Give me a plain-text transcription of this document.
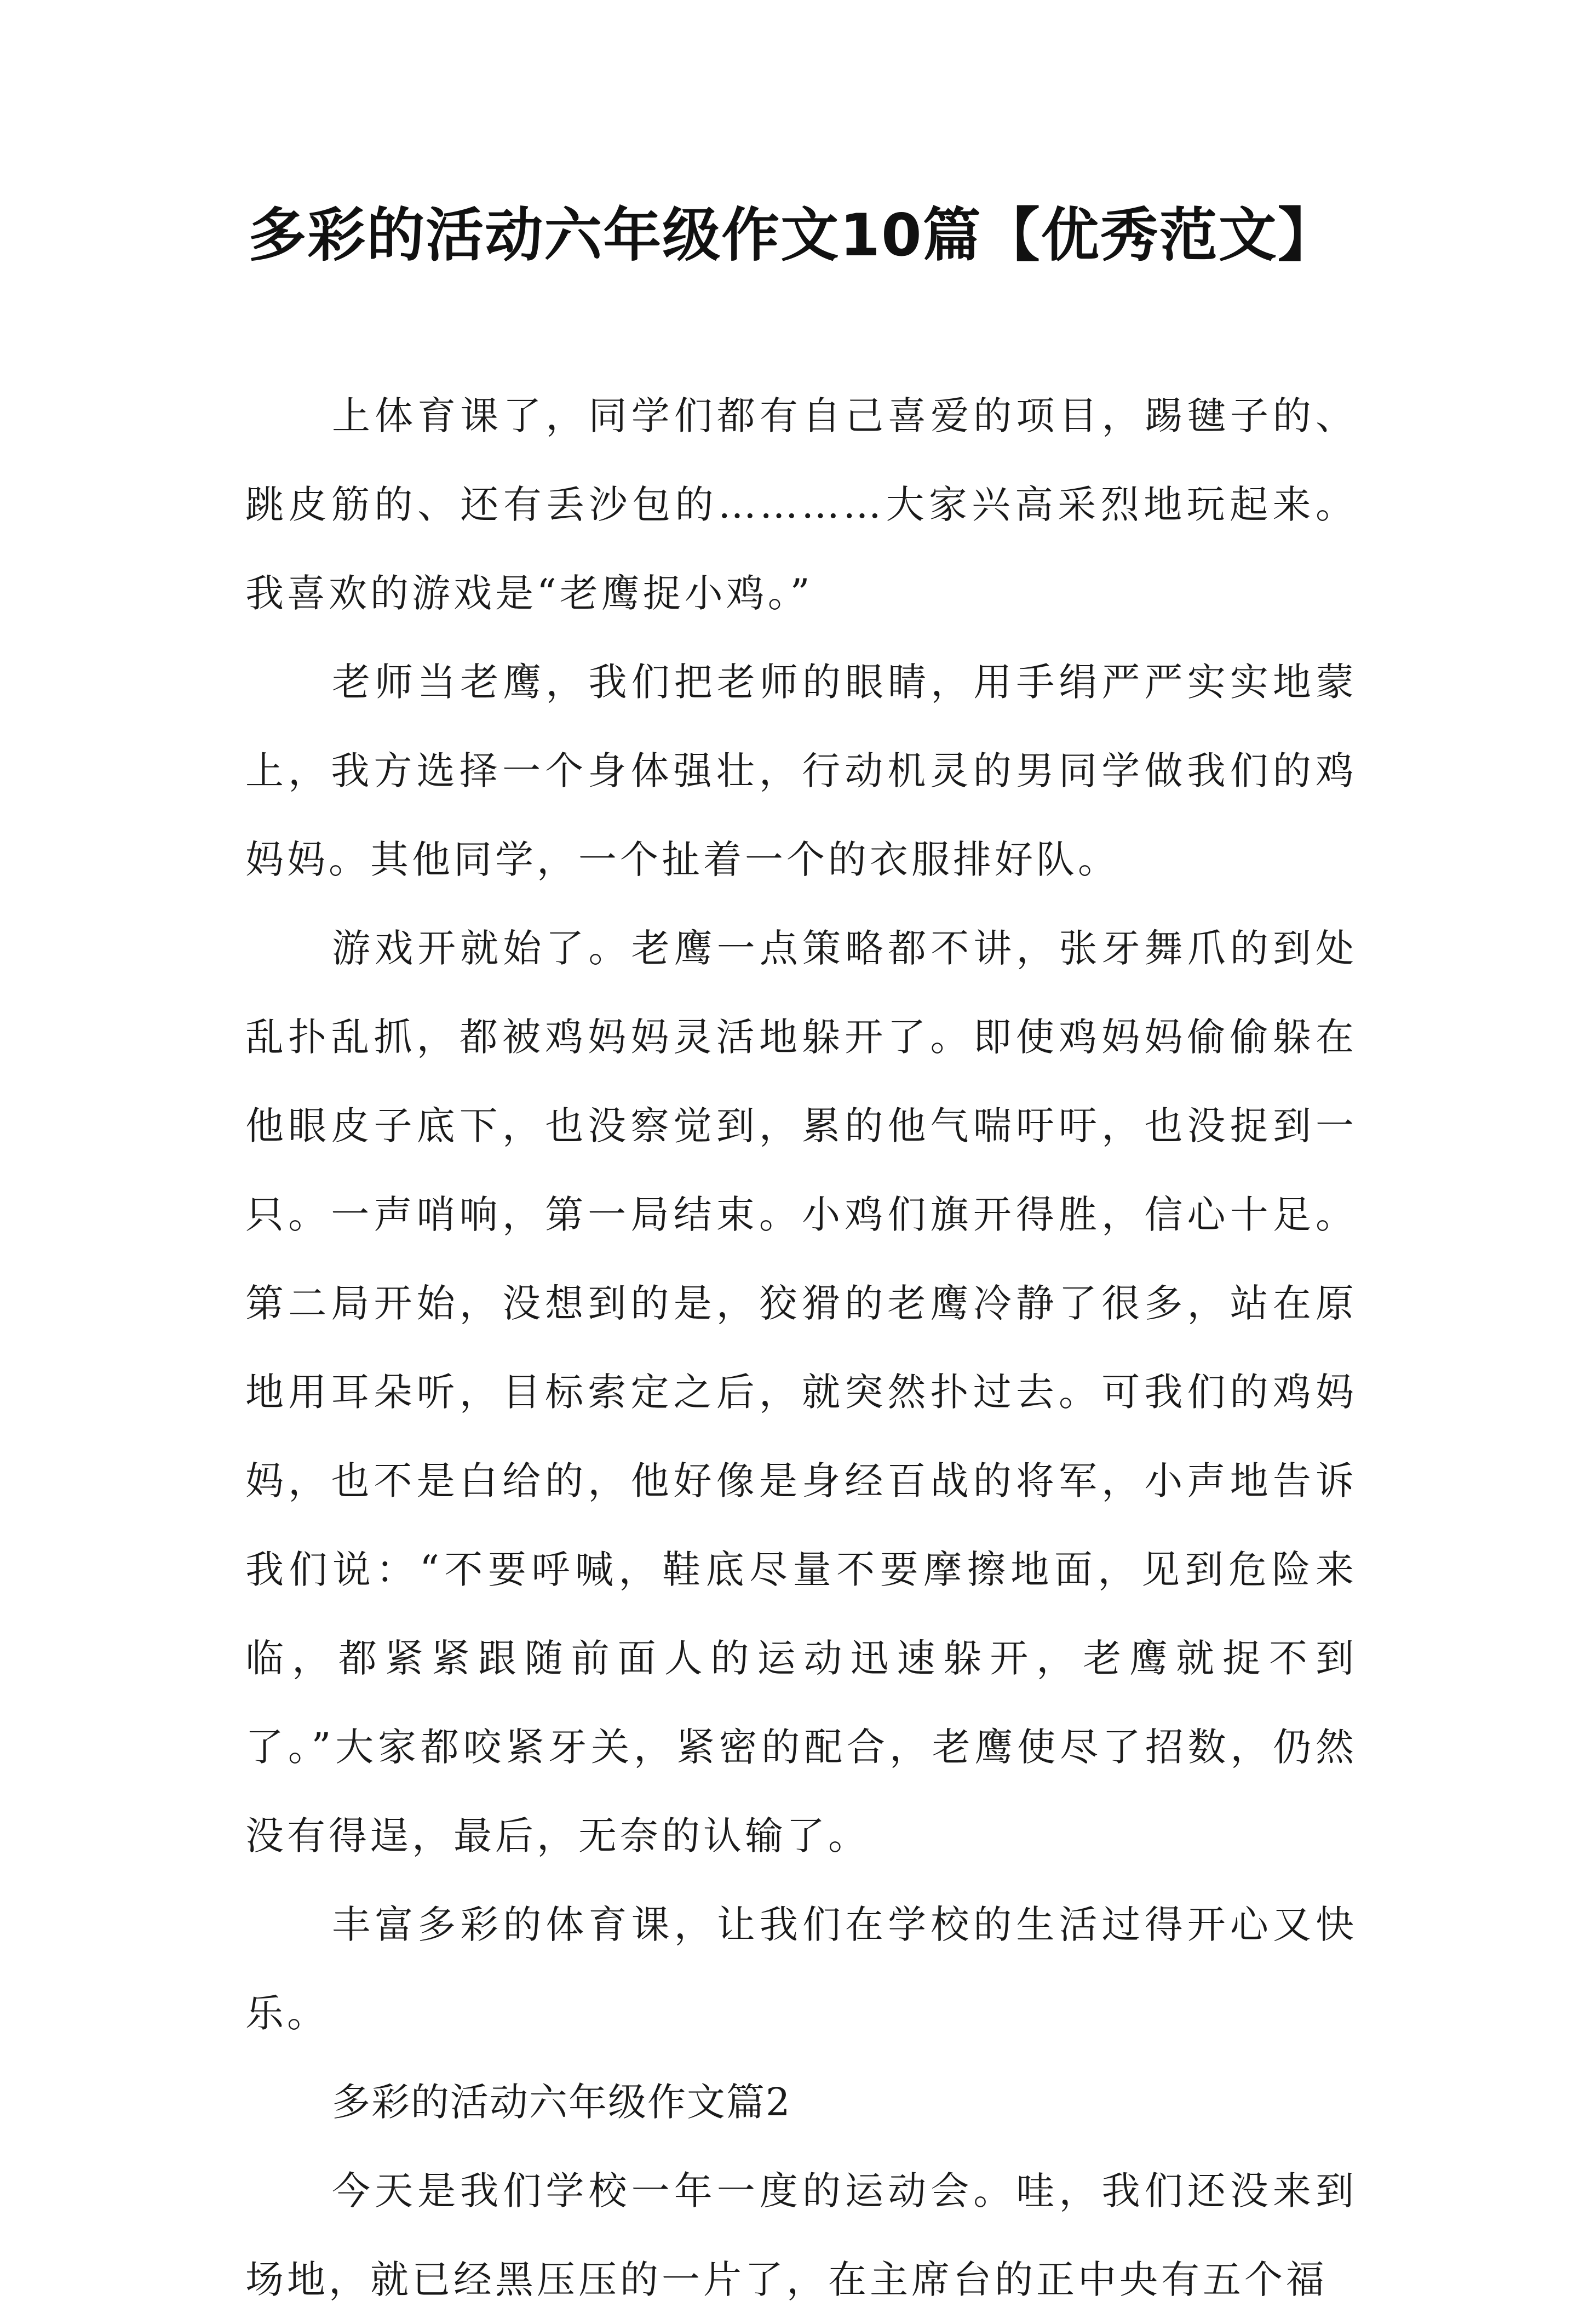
多彩的活动六年级作文10篇【优秀范文】

上体育课了，同学们都有自己喜爱的项目，踢毽子的、跳皮筋的、还有丢沙包的…………大家兴高采烈地玩起来。我喜欢的游戏是“老鹰捉小鸡。”

老师当老鹰，我们把老师的眼睛，用手绢严严实实地蒙上，我方选择一个身体强壮，行动机灵的男同学做我们的鸡妈妈。其他同学，一个扯着一个的衣服排好队。

游戏开就始了。老鹰一点策略都不讲，张牙舞爪的到处乱扑乱抓，都被鸡妈妈灵活地躲开了。即使鸡妈妈偷偷躲在他眼皮子底下，也没察觉到，累的他气喘吁吁，也没捉到一只。一声哨响，第一局结束。小鸡们旗开得胜，信心十足。第二局开始，没想到的是，狡猾的老鹰冷静了很多，站在原地用耳朵听，目标索定之后，就突然扑过去。可我们的鸡妈妈，也不是白给的，他好像是身经百战的将军，小声地告诉我们说：“不要呼喊，鞋底尽量不要摩擦地面，见到危险来临，都紧紧跟随前面人的运动迅速躲开，老鹰就捉不到了。”大家都咬紧牙关，紧密的配合，老鹰使尽了招数，仍然没有得逞，最后，无奈的认输了。

丰富多彩的体育课，让我们在学校的生活过得开心又快乐。

多彩的活动六年级作文篇2

今天是我们学校一年一度的运动会。哇，我们还没来到场地，就已经黑压压的一片了，在主席台的正中央有五个福
